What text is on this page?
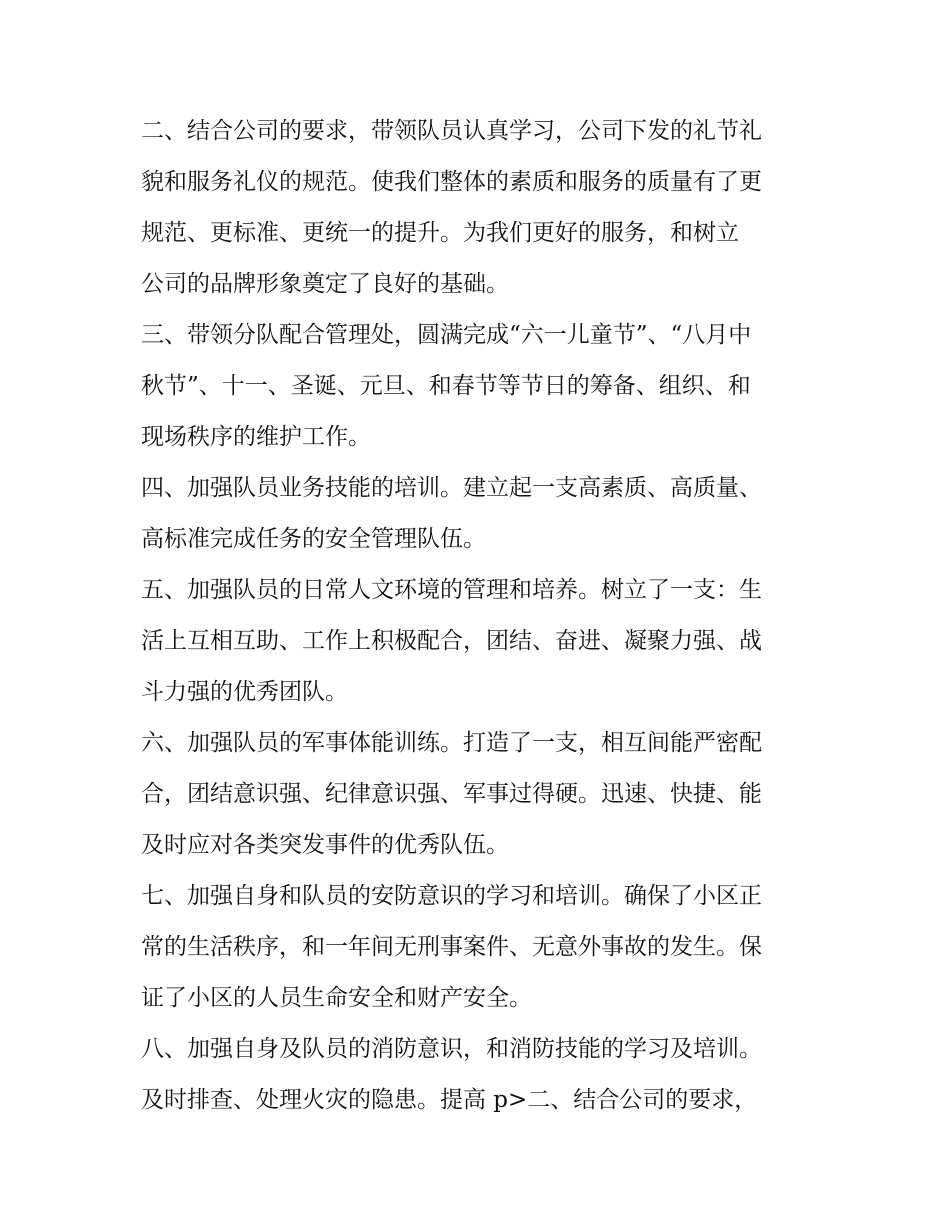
二、结合公司的要求，带领队员认真学习，公司下发的礼节礼
貌和服务礼仪的规范。使我们整体的素质和服务的质量有了更
规范、更标准、更统一的提升。为我们更好的服务，和树立
公司的品牌形象奠定了良好的基础。
三、带领分队配合管理处，圆满完成“六一儿童节”、“八月中
秋节”、十一、圣诞、元旦、和春节等节日的筹备、组织、和
现场秩序的维护工作。
四、加强队员业务技能的培训。建立起一支高素质、高质量、
高标准完成任务的安全管理队伍。
五、加强队员的日常人文环境的管理和培养。树立了一支：生
活上互相互助、工作上积极配合，团结、奋进、凝聚力强、战
斗力强的优秀团队。
六、加强队员的军事体能训练。打造了一支，相互间能严密配
合，团结意识强、纪律意识强、军事过得硬。迅速、快捷、能
及时应对各类突发事件的优秀队伍。
七、加强自身和队员的安防意识的学习和培训。确保了小区正
常的生活秩序，和一年间无刑事案件、无意外事故的发生。保
证了小区的人员生命安全和财产安全。
八、加强自身及队员的消防意识，和消防技能的学习及培训。
及时排查、处理火灾的隐患。提高 p>二、结合公司的要求，
